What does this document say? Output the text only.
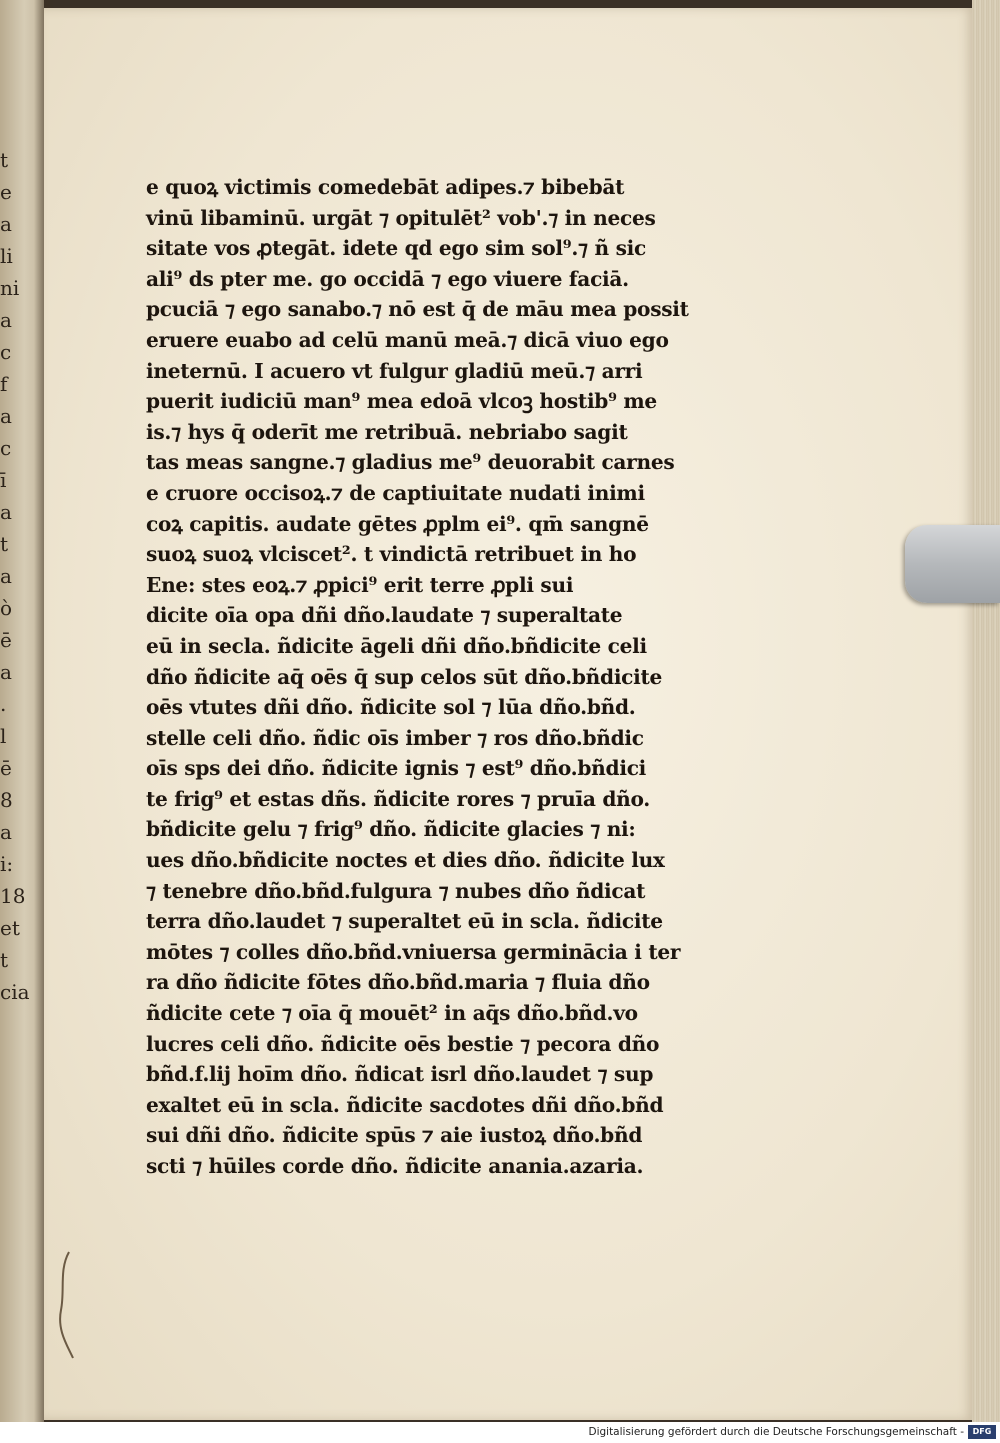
t
e
a
li
ni
a
c
f
a
c
ī
a
t
a
ò
ē
a
.
l
ē
8
a
i:
18
et
t
cia
e quoꝝ victimis comedebāt adipes.⁊ bibebāt
vinū libaminū. urgāt ⁊ opitulēt² vob'.⁊ in neces
sitate vos ꝓtegāt. idete qd ego sim sol⁹.⁊ ñ sic
ali⁹ ds pter me. go occidā ⁊ ego viuere faciā.
pcuciā ⁊ ego sanabo.⁊ nō est q̄ de māu mea possit
eruere euabo ad celū manū meā.⁊ dicā viuo ego
ineternū. I acuero vt fulgur gladiū meū.⁊ arri
puerit iudiciū man⁹ mea edoā vlcoꝫ hostib⁹ me
is.⁊ hys q̄ oderīt me retribuā. nebriabo sagit
tas meas sangne.⁊ gladius me⁹ deuorabit carnes
e cruore occisoꝝ.⁊ de captiuitate nudati inimi
coꝝ capitis. audate gētes ꝓplm ei⁹. qm̄ sangnē
suoꝝ suoꝝ vlciscet². t vindictā retribuet in ho
Ene: stes eoꝝ.⁊ ꝓpici⁹ erit terre ꝓpli sui
dicite oīa opa dñi dño.laudate ⁊ superaltate
eū in secla. ñdicite āgeli dñi dño.bñdicite celi
dño ñdicite aq̄ oēs q̄ sup celos sūt dño.bñdicite
oēs vtutes dñi dño. ñdicite sol ⁊ lūa dño.bñd.
stelle celi dño. ñdic oīs imber ⁊ ros dño.bñdic
oīs sps dei dño. ñdicite ignis ⁊ est⁹ dño.bñdici
te frig⁹ et estas dñs. ñdicite rores ⁊ pruīa dño.
bñdicite gelu ⁊ frig⁹ dño. ñdicite glacies ⁊ ni:
ues dño.bñdicite noctes et dies dño. ñdicite lux
⁊ tenebre dño.bñd.fulgura ⁊ nubes dño ñdicat
terra dño.laudet ⁊ superaltet eū in scla. ñdicite
mōtes ⁊ colles dño.bñd.vniuersa germinācia i ter
ra dño ñdicite fōtes dño.bñd.maria ⁊ fluia dño
ñdicite cete ⁊ oīa q̄ mouēt² in aq̄s dño.bñd.vo
lucres celi dño. ñdicite oēs bestie ⁊ pecora dño
bñd.f.lij hoīm dño. ñdicat isrl dño.laudet ⁊ sup
exaltet eū in scla. ñdicite sacdotes dñi dño.bñd
sui dñi dño. ñdicite spūs ⁊ aie iustoꝝ dño.bñd
scti ⁊ hūiles corde dño. ñdicite anania.azaria.
Digitalisierung gefördert durch die Deutsche Forschungsgemeinschaft -	DFG
